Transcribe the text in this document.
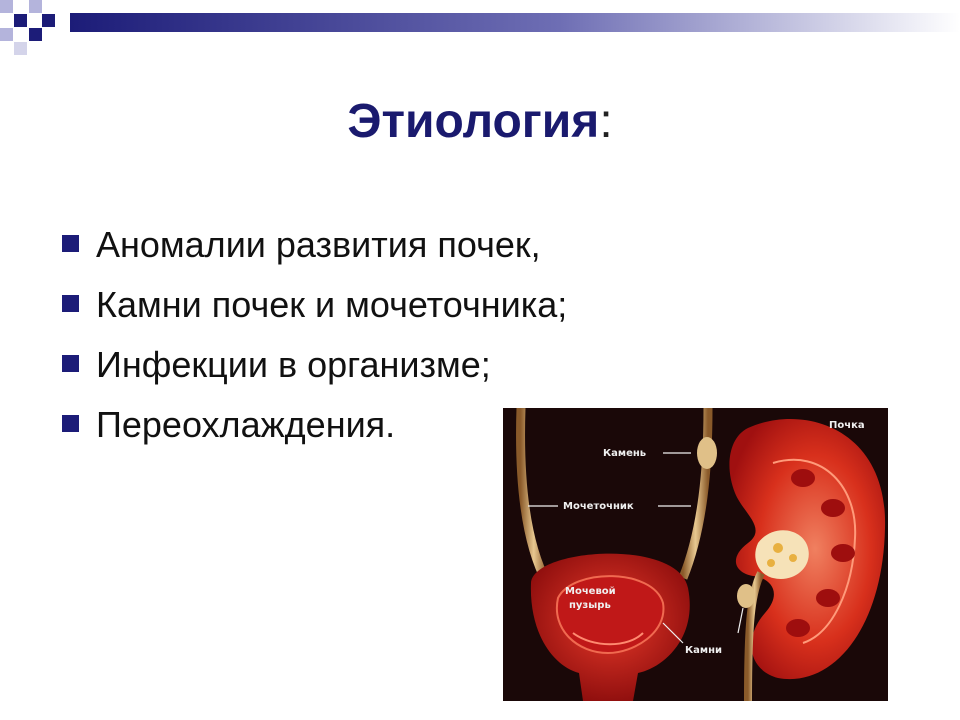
Этиология:
Аномалии развития почек,
Камни почек и мочеточника;
Инфекции в организме;
Переохлаждения.	Почка
Камень
Мочеточник
Мочевой
пузырь
Камни
